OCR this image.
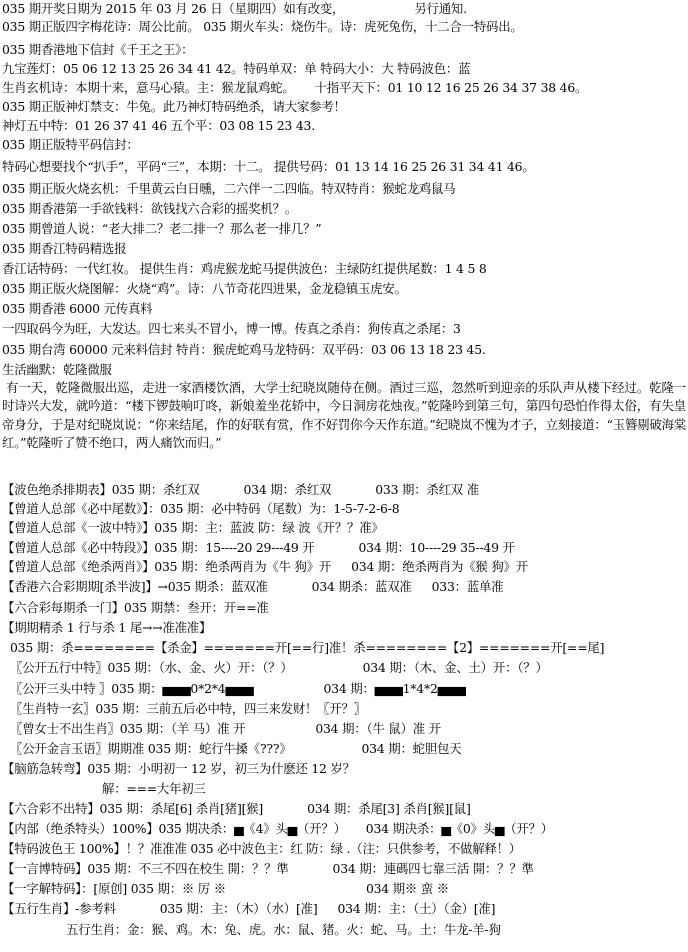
035 期开奖日期为 2015 年 03 月 26 日（星期四）如有改变，	另行通知.
035 期正版四字梅花诗：周公比前。 035 期火车头：烧伤牛。诗：虎死兔伤，十二合一特码出。
035 期香港地下信封《千王之王》：
九宝莲灯：05 06 12 13 25 26 34 41 42。特码单双：单 特码大小：大 特码波色：蓝
生肖玄机诗：本期十来，意马心猿。主：猴龙鼠鸡蛇。 十指平天下：01 10 12 16 25 26 34 37 38 46。
035 期正版神灯禁支：牛兔。此乃神灯特码绝杀，请大家参考！
神灯五中特：01 26 37 41 46 五个平：03 08 15 23 43.
035 期正版特平码信封：
特码心想要找个“扒手”，平码“三”，本期：十二。 提供号码：01 13 14 16 25 26 31 34 41 46。
035 期正版火烧玄机：千里黄云白日曛，二六伴一二四临。特双特肖：猴蛇龙鸡鼠马
035 期香港第一手欲钱料：欲钱找六合彩的摇奖机？。
035 期曾道人说：“老大排二？老二排一？那么老一排几？”
035 期香江特码精选报
香江话特码：一代红妆。 提供生肖：鸡虎猴龙蛇马提供波色：主绿防红提供尾数：1 4 5 8
035 期正版火烧图解：火烧“鸡”。诗：八节奇花四进果，金龙稳镇玉虎安。
035 期香港 6000 元传真料
一四取码今为旺，大发达。四七来头不冒小，博一博。传真之杀肖：狗传真之杀尾：3
035 期台湾 60000 元来料信封 特肖：猴虎蛇鸡马龙特码：双平码：03 06 13 18 23 45.
生活幽默：乾隆微服
有一天，乾隆微服出巡，走进一家酒楼饮酒，大学士纪晓岚随侍在侧。酒过三巡，忽然听到迎亲的乐队声从楼下经过。乾隆一时诗兴大发，就吟道：“楼下锣鼓响叮咚，新娘羞坐花轿中，今日洞房花烛夜。”乾隆吟到第三句，第四句恐怕作得太俗，有失皇帝身分，于是对纪晓岚说：“你来结尾，作的好联有赏，作不好罚你今天作东道。”纪晓岚不愧为才子，立刻接道：“玉簪剔破海棠红。”乾隆听了赞不绝口，两人痛饮而归。”
【波色绝杀排期表】035 期：杀红双	034 期：杀红双	033 期：杀红双 准
【曾道人总部《必中尾数》】：035 期：必中特码（尾数）为：1-5-7-2-6-8
【曾道人总部《一波中特》】035 期：主：蓝波 防：绿 波《开？？准》
【曾道人总部《必中特段》】035 期：15----20 29---49 开	034 期：10----29 35--49 开
【曾道人总部《绝杀两肖》】035 期：绝杀两肖为《牛 狗》开 034 期：绝杀两肖为《猴 狗》开
【香港六合彩期期[杀半波]】→035 期杀：蓝双准	034 期杀：蓝双准 033：蓝单准
【六合彩每期杀一门】035 期禁：叁开：开==准
【期期精杀 1 行与杀 1 尾→→准准准】
035 期：杀========【杀金】=======开[==行]准！杀========【2】=======开[==尾]
〖公开五行中特〗035 期：（水、金、火）开：（？）	034 期：（木、金、土）开：（？）
〖公开三头中特 〗035 期：▅▅▅0*2*4▅▅▅	034 期：▅▅▅1*4*2▅▅▅
〖生肖特一玄〗035 期：三前五后必中特，四三来发财！〖开？〗
〖曾女士不出生肖〗035 期：（羊 马）准 开	034 期：（牛 鼠）准 开
〖公开金言玉语〗期期准 035 期：蛇行牛搡《???》	034 期：蛇胆包天
【脑筋急转弯】035 期：小明初一 12 岁，初三为什麽还 12 岁？
解：===大年初三
【六合彩不出特】035 期：杀尾[6] 杀肖[猪][猴]	034 期：杀尾[3] 杀肖[猴][鼠]
【内部（绝杀特头）100%】035 期决杀：▅《4》头▅（开？） 034 期决杀：▅《0》头▅（开？）
【特码波色王 100%】！？准准准 035 必中波色主：红 防：绿 .（注：只供参考，不做解释！）
【一言博特码】035 期：不三不四在校生 開：？？準	034 期：連碼四七靠三活 開：？？準
【一字解特码】：[原创] 035 期：※ 厉 ※	034 期※ 蛮 ※
【五行生肖】-参考料	035 期：主：（木）（水）[准] 034 期：主：（土）（金）[准]
五行生肖：金：猴、鸡。木：兔、虎。水：鼠、猪。火：蛇、马。土：牛龙-羊-狗
